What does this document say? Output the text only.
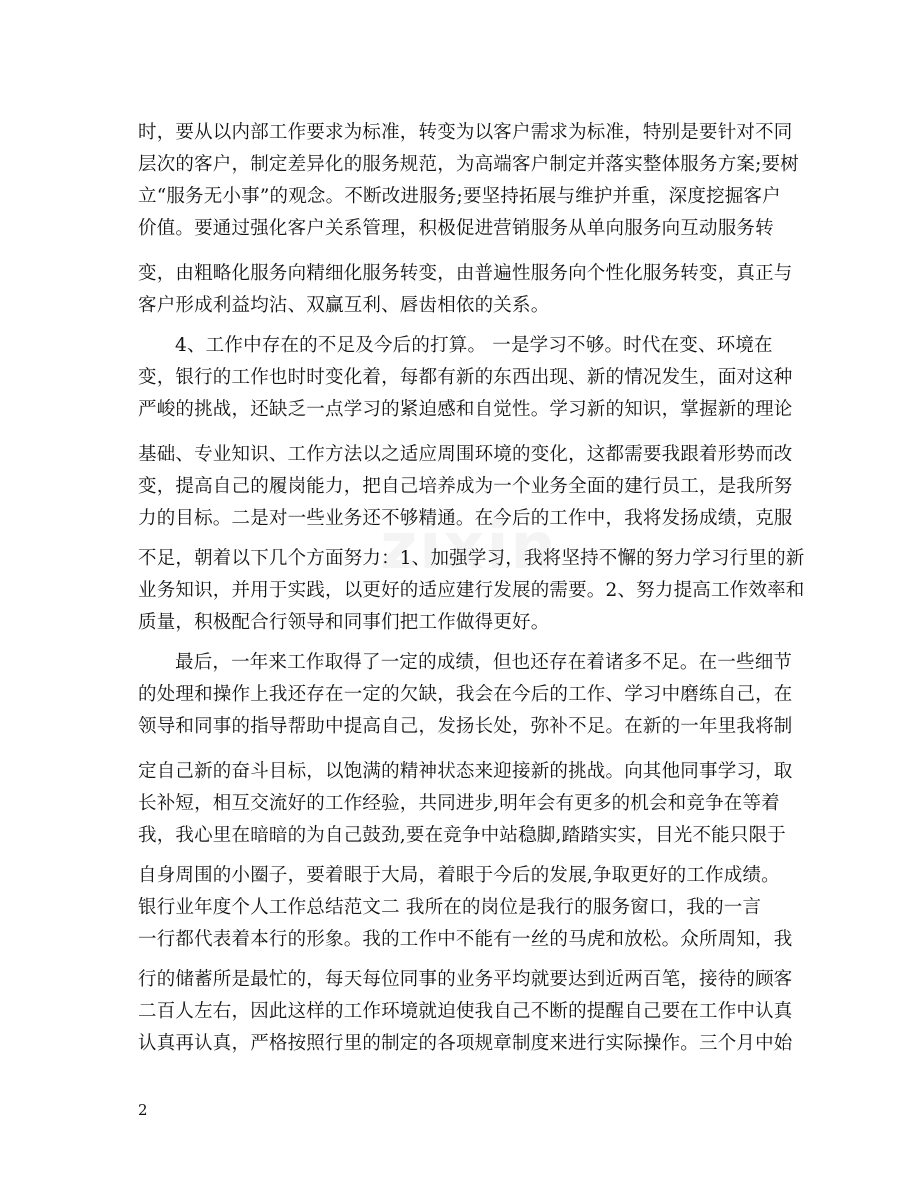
时，要从以内部工作要求为标准，转变为以客户需求为标准，特别是要针对不同
层次的客户，制定差异化的服务规范，为高端客户制定并落实整体服务方案;要树
立“服务无小事”的观念。不断改进服务;要坚持拓展与维护并重，深度挖掘客户
价值。要通过强化客户关系管理，积极促进营销服务从单向服务向互动服务转
变，由粗略化服务向精细化服务转变，由普遍性服务向个性化服务转变，真正与
客户形成利益均沾、双赢互利、唇齿相依的关系。
4、工作中存在的不足及今后的打算。 一是学习不够。时代在变、环境在
变，银行的工作也时时变化着，每都有新的东西出现、新的情况发生，面对这种
严峻的挑战，还缺乏一点学习的紧迫感和自觉性。学习新的知识，掌握新的理论
基础、专业知识、工作方法以之适应周围环境的变化，这都需要我跟着形势而改
变，提高自己的履岗能力，把自己培养成为一个业务全面的建行员工，是我所努
力的目标。二是对一些业务还不够精通。在今后的工作中，我将发扬成绩，克服
不足，朝着以下几个方面努力：1、加强学习，我将坚持不懈的努力学习行里的新
业务知识，并用于实践，以更好的适应建行发展的需要。2、努力提高工作效率和
质量，积极配合行领导和同事们把工作做得更好。
最后，一年来工作取得了一定的成绩，但也还存在着诸多不足。在一些细节
的处理和操作上我还存在一定的欠缺，我会在今后的工作、学习中磨练自己，在
领导和同事的指导帮助中提高自己，发扬长处，弥补不足。在新的一年里我将制
定自己新的奋斗目标，以饱满的精神状态来迎接新的挑战。向其他同事学习，取
长补短，相互交流好的工作经验，共同进步,明年会有更多的机会和竞争在等着
我，我心里在暗暗的为自己鼓劲,要在竞争中站稳脚,踏踏实实，目光不能只限于
自身周围的小圈子，要着眼于大局，着眼于今后的发展,争取更好的工作成绩。
银行业年度个人工作总结范文二 我所在的岗位是我行的服务窗口，我的一言
一行都代表着本行的形象。我的工作中不能有一丝的马虎和放松。众所周知，我
行的储蓄所是最忙的，每天每位同事的业务平均就要达到近两百笔，接待的顾客
二百人左右，因此这样的工作环境就迫使我自己不断的提醒自己要在工作中认真
认真再认真，严格按照行里的制定的各项规章制度来进行实际操作。三个月中始
2
